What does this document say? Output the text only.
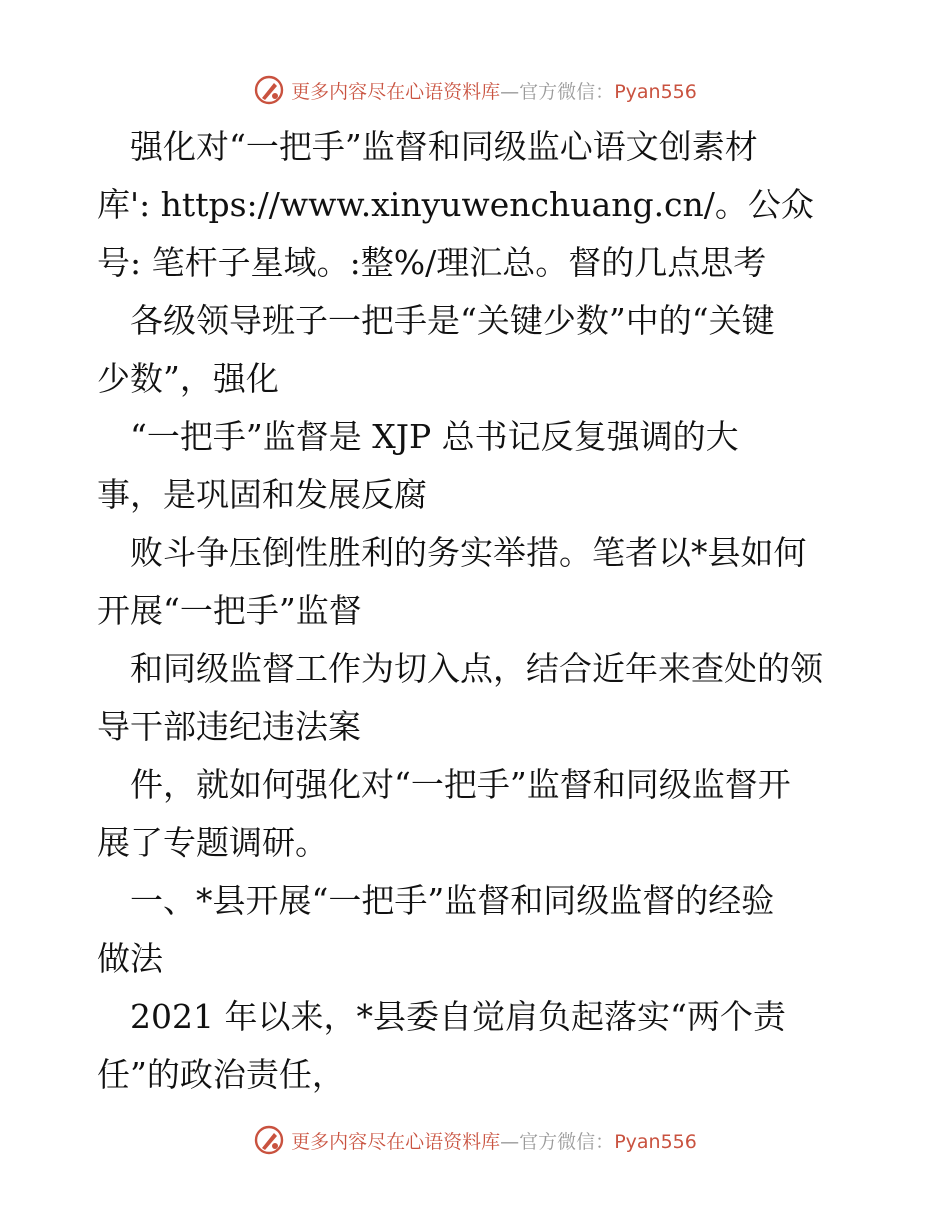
更多内容尽在心语资料库—官方微信：Pyan556

　强化对“一把手”监督和同级监心语文创素材

库': https://www.xinyuwenchuang.cn/。公众

号: 笔杆子星域。:整%/理汇总。督的几点思考

　各级领导班子一把手是“关键少数”中的“关键

少数”，强化

　“一把手”监督是 XJP 总书记反复强调的大

事，是巩固和发展反腐

　败斗争压倒性胜利的务实举措。笔者以*县如何

开展“一把手”监督

　和同级监督工作为切入点，结合近年来查处的领

导干部违纪违法案

　件，就如何强化对“一把手”监督和同级监督开

展了专题调研。

　一、*县开展“一把手”监督和同级监督的经验

做法

　2021 年以来，*县委自觉肩负起落实“两个责

任”的政治责任，

更多内容尽在心语资料库—官方微信：Pyan556
